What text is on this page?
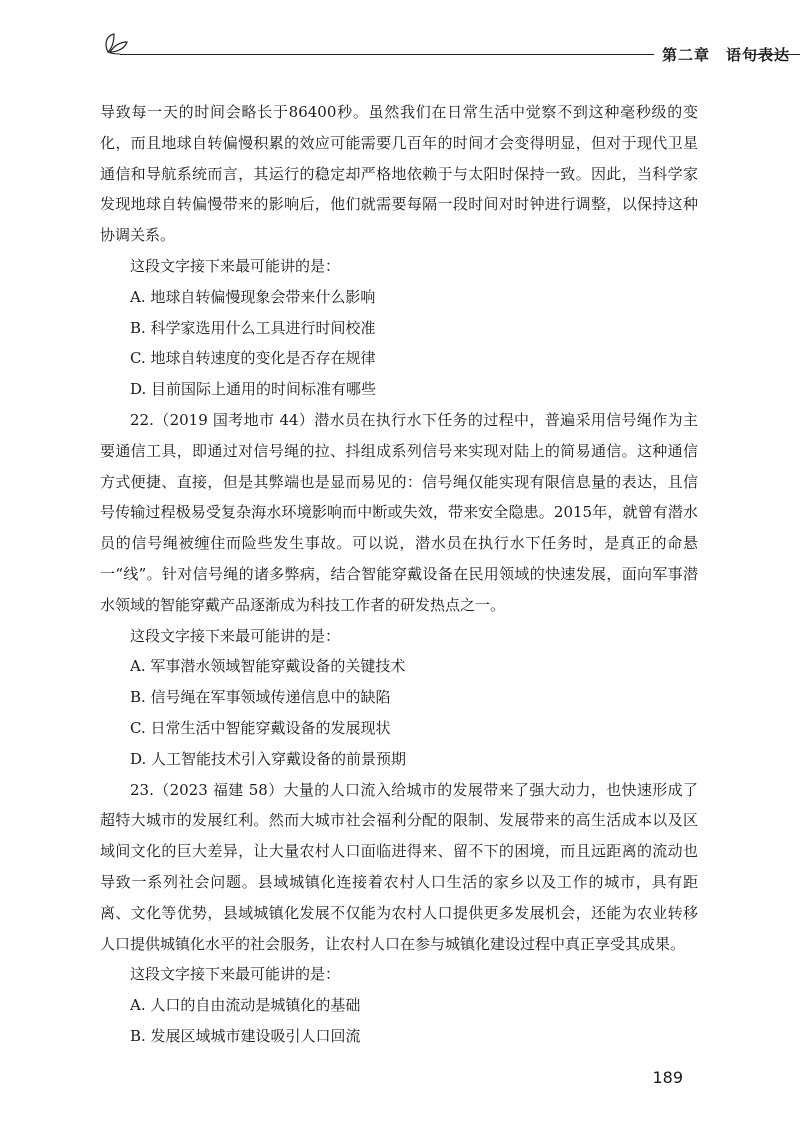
第二章　语句表达

导致每一天的时间会略长于86400秒。虽然我们在日常生活中觉察不到这种毫秒级的变化，而且地球自转偏慢积累的效应可能需要几百年的时间才会变得明显，但对于现代卫星通信和导航系统而言，其运行的稳定却严格地依赖于与太阳时保持一致。因此，当科学家发现地球自转偏慢带来的影响后，他们就需要每隔一段时间对时钟进行调整，以保持这种协调关系。

这段文字接下来最可能讲的是：

A. 地球自转偏慢现象会带来什么影响

B. 科学家选用什么工具进行时间校准

C. 地球自转速度的变化是否存在规律

D. 目前国际上通用的时间标准有哪些

22.（2019 国考地市 44）潜水员在执行水下任务的过程中，普遍采用信号绳作为主要通信工具，即通过对信号绳的拉、抖组成系列信号来实现对陆上的简易通信。这种通信方式便捷、直接，但是其弊端也是显而易见的：信号绳仅能实现有限信息量的表达，且信号传输过程极易受复杂海水环境影响而中断或失效，带来安全隐患。2015年，就曾有潜水员的信号绳被缠住而险些发生事故。可以说，潜水员在执行水下任务时，是真正的命悬一“线”。针对信号绳的诸多弊病，结合智能穿戴设备在民用领域的快速发展，面向军事潜水领域的智能穿戴产品逐渐成为科技工作者的研发热点之一。

这段文字接下来最可能讲的是：

A. 军事潜水领域智能穿戴设备的关键技术

B. 信号绳在军事领域传递信息中的缺陷

C. 日常生活中智能穿戴设备的发展现状

D. 人工智能技术引入穿戴设备的前景预期

23.（2023 福建 58）大量的人口流入给城市的发展带来了强大动力，也快速形成了超特大城市的发展红利。然而大城市社会福利分配的限制、发展带来的高生活成本以及区域间文化的巨大差异，让大量农村人口面临进得来、留不下的困境，而且远距离的流动也导致一系列社会问题。县域城镇化连接着农村人口生活的家乡以及工作的城市，具有距离、文化等优势，县域城镇化发展不仅能为农村人口提供更多发展机会，还能为农业转移人口提供城镇化水平的社会服务，让农村人口在参与城镇化建设过程中真正享受其成果。

这段文字接下来最可能讲的是：

A. 人口的自由流动是城镇化的基础

B. 发展区域城市建设吸引人口回流

189
